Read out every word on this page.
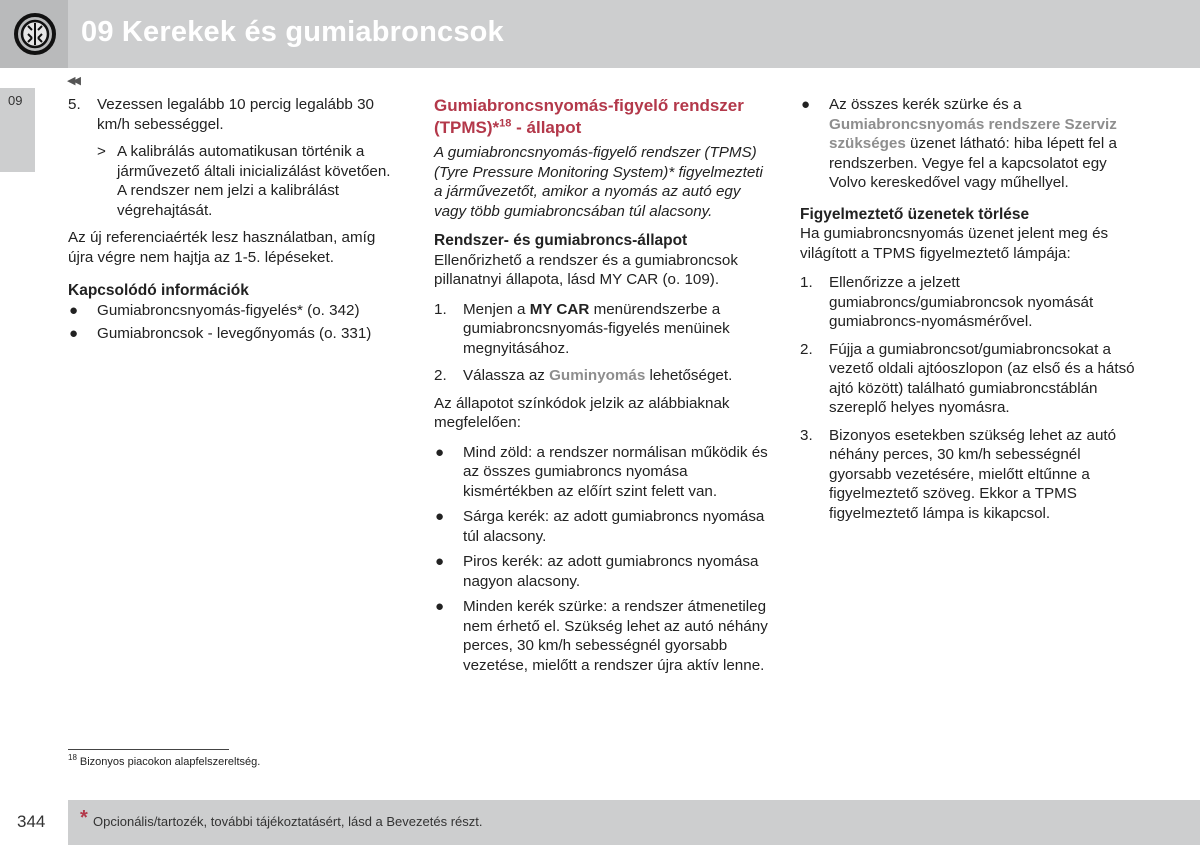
09 Kerekek és gumiabroncsok
09
◀◀
5. Vezessen legalább 10 percig legalább 30 km/h sebességgel.
> A kalibrálás automatikusan történik a járművezető általi inicializálást követően. A rendszer nem jelzi a kalibrálást végrehajtását.

Az új referenciaérték lesz használatban, amíg újra végre nem hajtja az 1-5. lépéseket.

Kapcsolódó információk
● Gumiabroncsnyomás-figyelés* (o. 342)
● Gumiabroncsok - levegőnyomás (o. 331)
Gumiabroncsnyomás-figyelő rendszer (TPMS)*$^{18}$ - állapot

A gumiabroncsnyomás-figyelő rendszer (TPMS) (Tyre Pressure Monitoring System)* figyelmezteti a járművezetőt, amikor a nyomás az autó egy vagy több gumiabroncsában túl alacsony.

Rendszer- és gumiabroncs-állapot

Ellenőrizhető a rendszer és a gumiabroncsok pillanatnyi állapota, lásd MY CAR (o. 109).

1. Menjen a MY CAR menürendszerbe a gumiabroncsnyomás-figyelés menüinek megnyitásához.
2. Válassza az Guminyomás lehetőséget.

Az állapotot színkódok jelzik az alábbiaknak megfelelően:

● Mind zöld: a rendszer normálisan működik és az összes gumiabroncs nyomása kismértékben az előírt szint felett van.
● Sárga kerék: az adott gumiabroncs nyomása túl alacsony.
● Piros kerék: az adott gumiabroncs nyomása nagyon alacsony.
● Minden kerék szürke: a rendszer átmenetileg nem érhető el. Szükség lehet az autó néhány perces, 30 km/h sebességnél gyorsabb vezetése, mielőtt a rendszer újra aktív lenne.
● Az összes kerék szürke és a Gumiabroncsnyomás rendszere Szerviz szükséges üzenet látható: hiba lépett fel a rendszerben. Vegye fel a kapcsolatot egy Volvo kereskedővel vagy műhellyel.
Figyelmeztető üzenetek törlése

Ha gumiabroncsnyomás üzenet jelent meg és világított a TPMS figyelmeztető lámpája:

1. Ellenőrizze a jelzett gumiabroncs/gumiabroncsok nyomását gumiabroncs-nyomásmérővel.
2. Fújja a gumiabroncsot/gumiabroncsokat a vezető oldali ajtóoszlopon (az első és a hátsó ajtó között) található gumiabroncstáblán szereplő helyes nyomásra.
3. Bizonyos esetekben szükség lehet az autó néhány perces, 30 km/h sebességnél gyorsabb vezetésére, mielőtt eltűnne a figyelmeztető szöveg. Ekkor a TPMS figyelmeztető lámpa is kikapcsol.
$^{18}$ Bizonyos piacokon alapfelszereltség.
344 * Opcionális/tartozék, további tájékoztatásért, lásd a Bevezetés részt.
